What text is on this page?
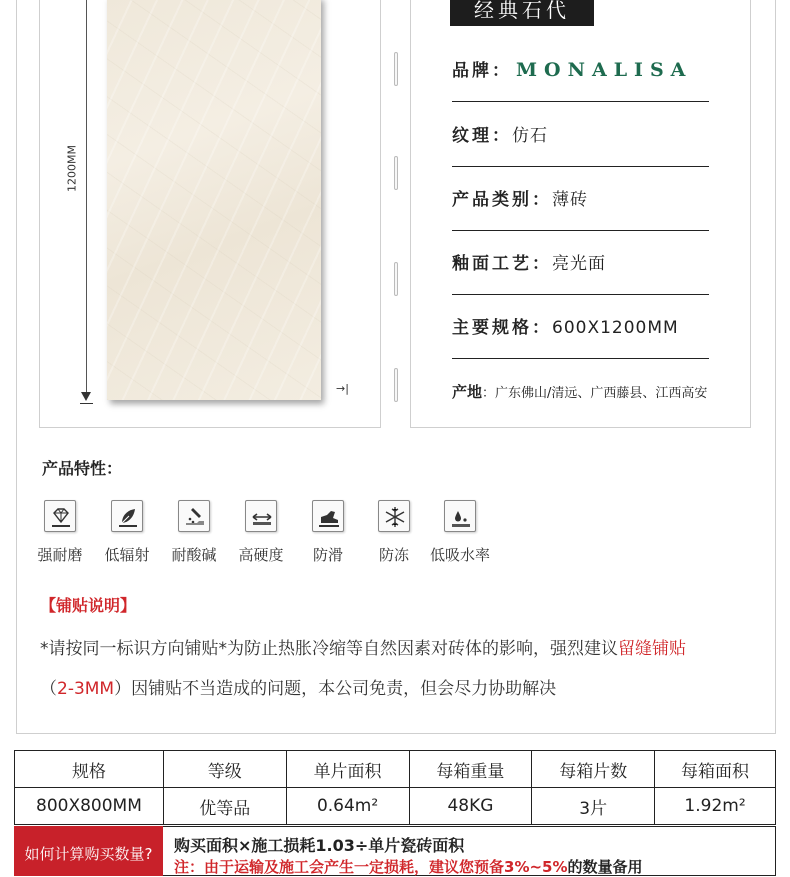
1200MM
→|
经典石代
品牌： MONALISA
纹理：仿石
产品类别：薄砖
釉面工艺：亮光面
主要规格：600X1200MM
产地：广东佛山/清远、广西藤县、江西高安
产品特性：
强耐磨	低辐射	耐酸碱	高硬度	防滑	防冻	低吸水率
【铺贴说明】
*请按同一标识方向铺贴*为防止热胀冷缩等自然因素对砖体的影响，强烈建议留缝铺贴
（2-3MM）因铺贴不当造成的问题，本公司免责，但会尽力协助解决
规格	等级	单片面积	每箱重量	每箱片数	每箱面积
800X800MM	优等品	0.64m²	48KG	3片	1.92m²
如何计算购买数量?	购买面积×施工损耗1.03÷单片瓷砖面积
注：由于运输及施工会产生一定损耗，建议您预备3%~5%的数量备用
